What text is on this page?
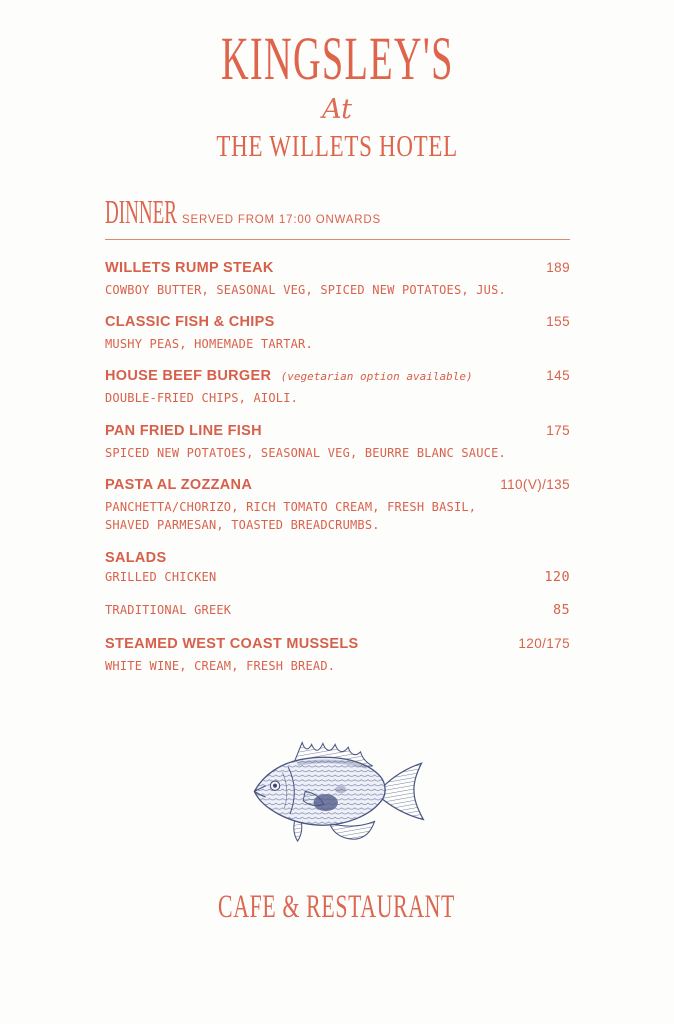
KINGSLEY'S
At
THE WILLETS HOTEL
DINNER SERVED FROM 17:00 ONWARDS
WILLETS RUMP STEAK	189
COWBOY BUTTER, SEASONAL VEG, SPICED NEW POTATOES, JUS.
CLASSIC FISH & CHIPS	155
MUSHY PEAS, HOMEMADE TARTAR.
HOUSE BEEF BURGER (vegetarian option available)	145
DOUBLE-FRIED CHIPS, AIOLI.
PAN FRIED LINE FISH	175
SPICED NEW POTATOES, SEASONAL VEG, BEURRE BLANC SAUCE.
PASTA AL ZOZZANA	110(V)/135
PANCHETTA/CHORIZO, RICH TOMATO CREAM, FRESH BASIL,
SHAVED PARMESAN, TOASTED BREADCRUMBS.
SALADS
GRILLED CHICKEN	120
TRADITIONAL GREEK	85
STEAMED WEST COAST MUSSELS	120/175
WHITE WINE, CREAM, FRESH BREAD.
CAFE & RESTAURANT
